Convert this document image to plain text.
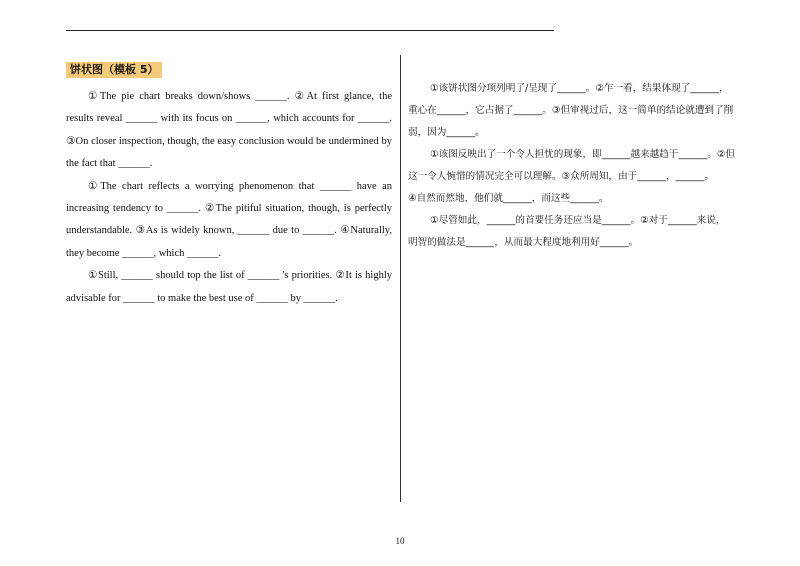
饼状图（模板 5）

①The pie chart breaks down/shows ______. ②At first glance, the results reveal ______ with its focus on ______, which accounts for ______. ③On closer inspection, though, the easy conclusion would be undermined by the fact that ______.

①The chart reflects a worrying phenomenon that ______ have an increasing tendency to ______. ②The pitiful situation, though, is perfectly understandable. ③As is widely known, ______ due to ______. ④Naturally, they become ______, which ______.

①Still, ______ should top the list of ______ 's priorities. ②It is highly advisable for ______ to make the best use of ______ by ______.

①该饼状图分项列明了/呈现了______。②乍一看，结果体现了______，
重心在______，它占据了______。③但审视过后，这一简单的结论就遭到了削弱，因为______。

①该图反映出了一个令人担忧的现象，即______越来越趋于______。②但
这一令人惋惜的情况完全可以理解。③众所周知，由于______，______。
④自然而然地，他们就______，而这些______。

①尽管如此，______的首要任务还应当是______。②对于______来说，
明智的做法是______，从而最大程度地利用好______。

10
